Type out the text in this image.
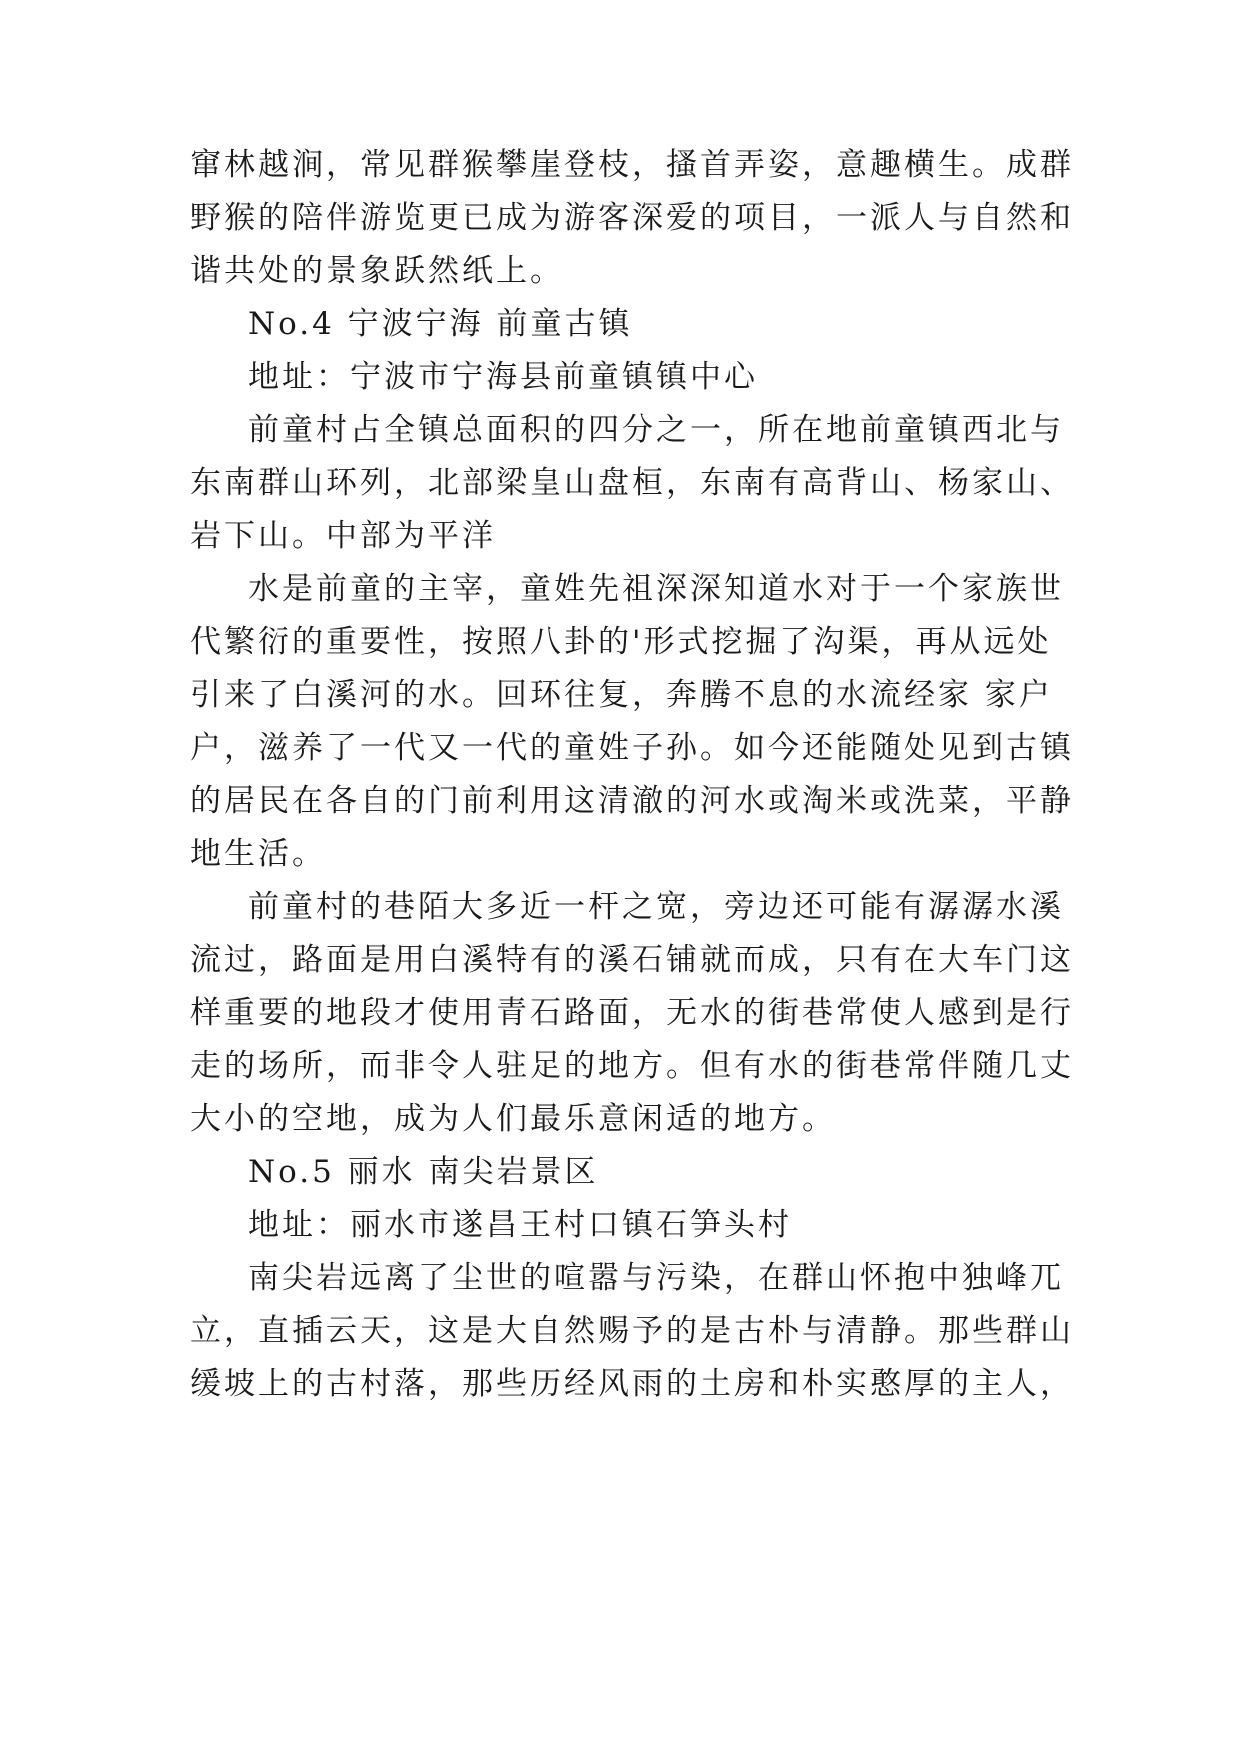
窜林越涧，常见群猴攀崖登枝，搔首弄姿，意趣横生。成群
野猴的陪伴游览更已成为游客深爱的项目，一派人与自然和
谐共处的景象跃然纸上。
No.4 宁波宁海 前童古镇
地址：宁波市宁海县前童镇镇中心
前童村占全镇总面积的四分之一，所在地前童镇西北与
东南群山环列，北部梁皇山盘桓，东南有高背山、杨家山、
岩下山。中部为平洋
水是前童的主宰，童姓先祖深深知道水对于一个家族世
代繁衍的重要性，按照八卦的'形式挖掘了沟渠，再从远处
引来了白溪河的水。回环往复，奔腾不息的水流经家 家户
户，滋养了一代又一代的童姓子孙。如今还能随处见到古镇
的居民在各自的门前利用这清澈的河水或淘米或洗菜，平静
地生活。
前童村的巷陌大多近一杆之宽，旁边还可能有潺潺水溪
流过，路面是用白溪特有的溪石铺就而成，只有在大车门这
样重要的地段才使用青石路面，无水的街巷常使人感到是行
走的场所，而非令人驻足的地方。但有水的街巷常伴随几丈
大小的空地，成为人们最乐意闲适的地方。
No.5 丽水 南尖岩景区
地址：丽水市遂昌王村口镇石笋头村
南尖岩远离了尘世的喧嚣与污染，在群山怀抱中独峰兀
立，直插云天，这是大自然赐予的是古朴与清静。那些群山
缓坡上的古村落，那些历经风雨的土房和朴实憨厚的主人，
